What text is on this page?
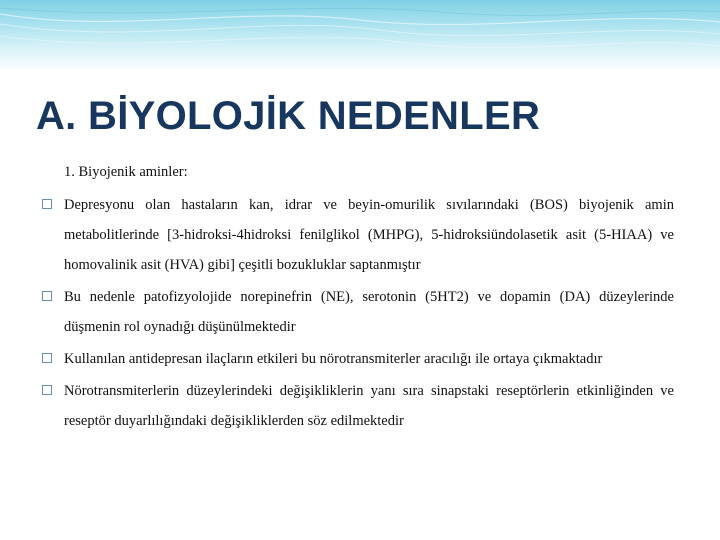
A. BİYOLOJİK NEDENLER
1. Biyojenik aminler:
Depresyonu olan hastaların kan, idrar ve beyin-omurilik sıvılarındaki (BOS) biyojenik amin metabolitlerinde [3-hidroksi-4hidroksi fenilglikol (MHPG), 5-hidroksiündolasetik asit (5-HIAA) ve homovalinik asit (HVA) gibi] çeşitli bozukluklar saptanmıştır
Bu nedenle patofizyolojide norepinefrin (NE), serotonin (5HT2) ve dopamin (DA) düzeylerinde düşmenin rol oynadığı düşünülmektedir
Kullanılan antidepresan ilaçların etkileri bu nörotransmiterler aracılığı ile ortaya çıkmaktadır
Nörotransmiterlerin düzeylerindeki değişikliklerin yanı sıra sinapstaki reseptörlerin etkinliğinden ve reseptör duyarlılığındaki değişikliklerden söz edilmektedir
